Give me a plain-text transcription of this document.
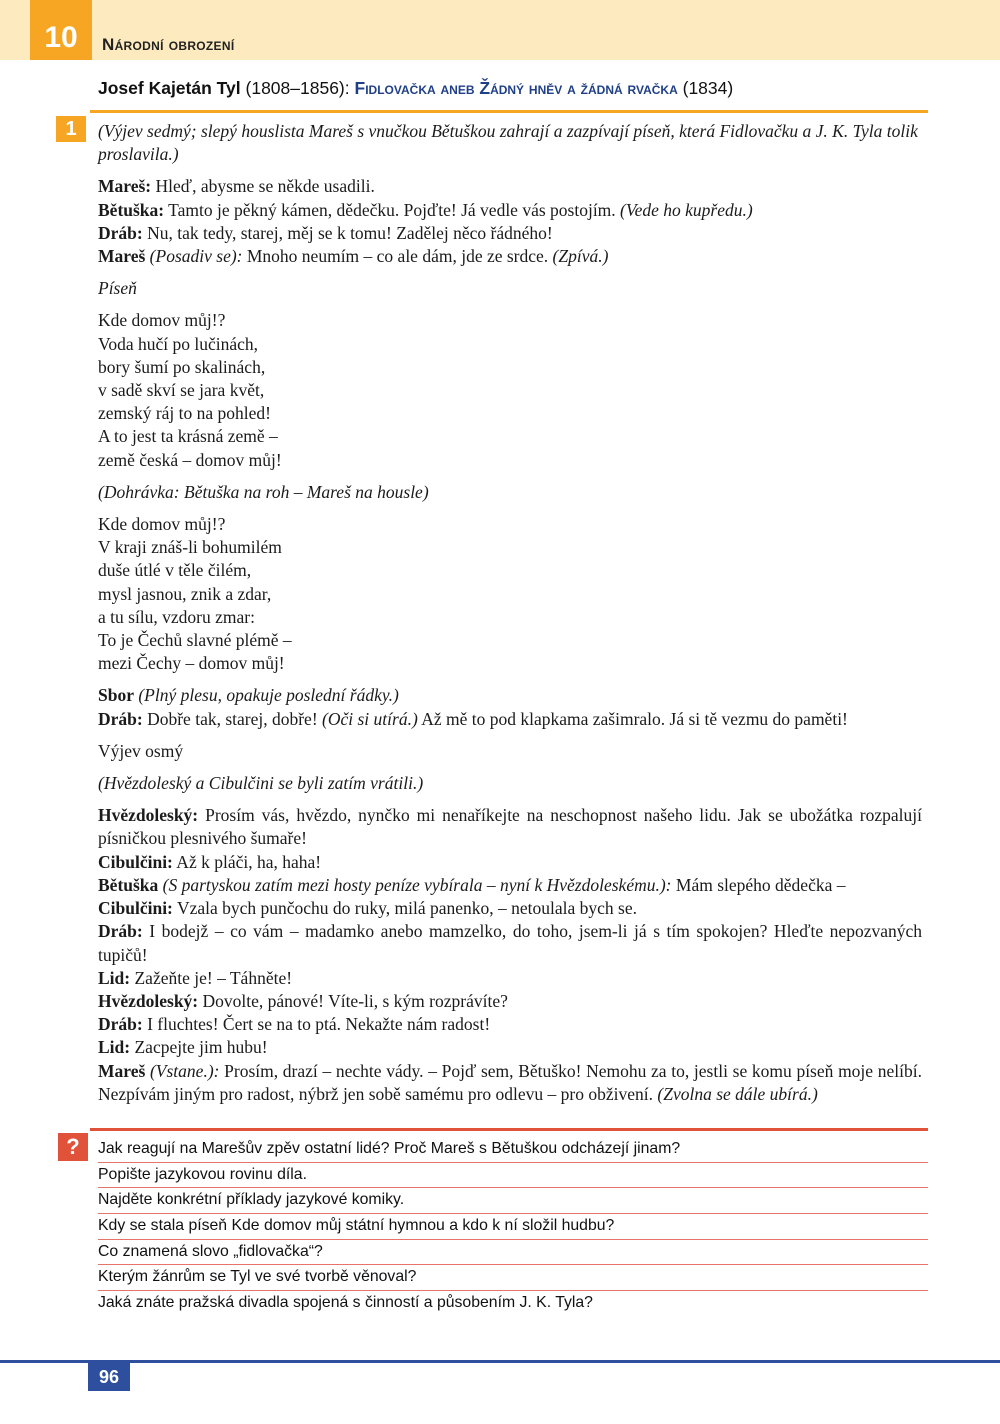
10 Národní obrození
Josef Kajetán Tyl (1808–1856): Fidlovačka aneb Žádný hněv a žádná rvačka (1834)
1	(Výjev sedmý; slepý houslista Mareš s vnučkou Bětuškou zahrají a zazpívají píseň, která Fidlovačku a J. K. Tyla tolik proslavila.)

Mareš: Hleď, abysme se někde usadili.

Bětuška: Tamto je pěkný kámen, dědečku. Pojďte! Já vedle vás postojím. (Vede ho kupředu.)

Dráb: Nu, tak tedy, starej, měj se k tomu! Zadělej něco řádného!

Mareš (Posadiv se): Mnoho neumím – co ale dám, jde ze srdce. (Zpívá.)

Píseň

Kde domov můj!?

Voda hučí po lučinách,

bory šumí po skalinách,

v sadě skví se jara květ,

zemský ráj to na pohled!

A to jest ta krásná země –

země česká – domov můj!

(Dohrávka: Bětuška na roh – Mareš na housle)

Kde domov můj!?

V kraji znáš-li bohumilém

duše útlé v těle čilém,

mysl jasnou, znik a zdar,

a tu sílu, vzdoru zmar:

To je Čechů slavné plémě –

mezi Čechy – domov můj!

Sbor (Plný plesu, opakuje poslední řádky.)

Dráb: Dobře tak, starej, dobře! (Oči si utírá.) Až mě to pod klapkama zašimralo. Já si tě vezmu do paměti!

Výjev osmý

(Hvězdoleský a Cibulčini se byli zatím vrátili.)

Hvězdoleský: Prosím vás, hvězdo, nynčko mi nenaříkejte na neschopnost našeho lidu. Jak se ubožátka rozpalují písničkou plesnivého šumaře!

Cibulčini: Až k pláči, ha, haha!

Bětuška (S partyskou zatím mezi hosty peníze vybírala – nyní k Hvězdoleskému.): Mám slepého dědečka –

Cibulčini: Vzala bych punčochu do ruky, milá panenko, – netoulala bych se.

Dráb: I bodejž – co vám – madamko anebo mamzelko, do toho, jsem-li já s tím spokojen? Hleďte nepozvaných tupičů!

Lid: Zažeňte je! – Táhněte!

Hvězdoleský: Dovolte, pánové! Víte-li, s kým rozprávíte?

Dráb: I fluchtes! Čert se na to ptá. Nekažte nám radost!

Lid: Zacpejte jim hubu!

Mareš (Vstane.): Prosím, drazí – nechte vády. – Pojď sem, Bětuško! Nemohu za to, jestli se komu píseň moje nelíbí. Nezpívám jiným pro radost, nýbrž jen sobě samému pro odlevu – pro obživení. (Zvolna se dále ubírá.)

?	Jak reagují na Marešův zpěv ostatní lidé? Proč Mareš s Bětuškou odcházejí jinam?
Popište jazykovou rovinu díla.
Najděte konkrétní příklady jazykové komiky.
Kdy se stala píseň Kde domov můj státní hymnou a kdo k ní složil hudbu?
Co znamená slovo „fidlovačka“?
Kterým žánrům se Tyl ve své tvorbě věnoval?
Jaká znáte pražská divadla spojená s činností a působením J. K. Tyla?
96
